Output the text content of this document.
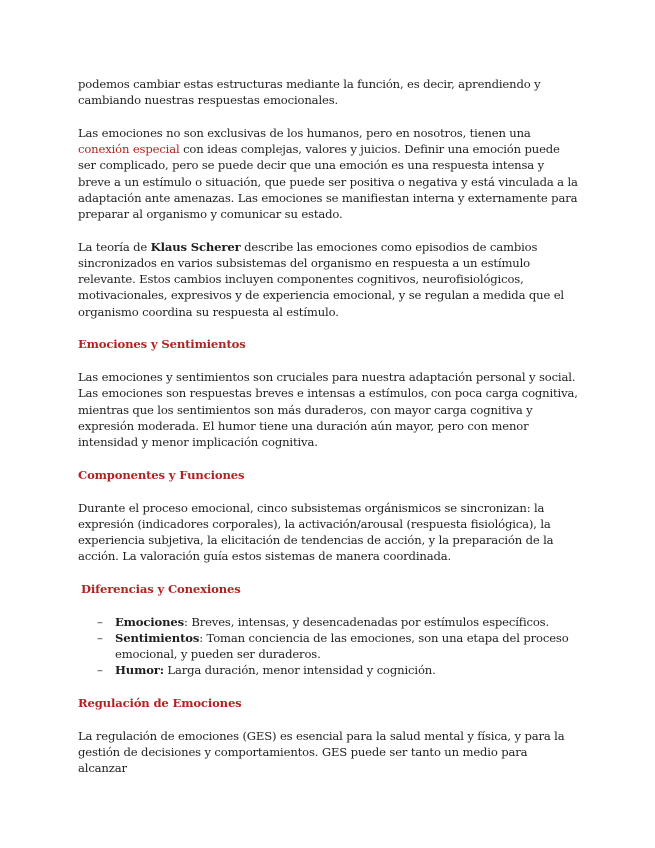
podemos cambiar estas estructuras mediante la función, es decir, aprendiendo y cambiando nuestras respuestas emocionales.

Las emociones no son exclusivas de los humanos, pero en nosotros, tienen una conexión especial con ideas complejas, valores y juicios. Definir una emoción puede ser complicado, pero se puede decir que una emoción es una respuesta intensa y breve a un estímulo o situación, que puede ser positiva o negativa y está vinculada a la adaptación ante amenazas. Las emociones se manifiestan interna y externamente para preparar al organismo y comunicar su estado.

La teoría de Klaus Scherer describe las emociones como episodios de cambios sincronizados en varios subsistemas del organismo en respuesta a un estímulo relevante. Estos cambios incluyen componentes cognitivos, neurofisiológicos, motivacionales, expresivos y de experiencia emocional, y se regulan a medida que el organismo coordina su respuesta al estímulo.

Emociones y Sentimientos

Las emociones y sentimientos son cruciales para nuestra adaptación personal y social. Las emociones son respuestas breves e intensas a estímulos, con poca carga cognitiva, mientras que los sentimientos son más duraderos, con mayor carga cognitiva y expresión moderada. El humor tiene una duración aún mayor, pero con menor intensidad y menor implicación cognitiva.

Componentes y Funciones

Durante el proceso emocional, cinco subsistemas orgánismicos se sincronizan: la expresión (indicadores corporales), la activación/arousal (respuesta fisiológica), la experiencia subjetiva, la elicitación de tendencias de acción, y la preparación de la acción. La valoración guía estos sistemas de manera coordinada.

Diferencias y Conexiones
– Emociones: Breves, intensas, y desencadenadas por estímulos específicos.
– Sentimientos: Toman conciencia de las emociones, son una etapa del proceso emocional, y pueden ser duraderos.
– Humor: Larga duración, menor intensidad y cognición.
Regulación de Emociones

La regulación de emociones (GES) es esencial para la salud mental y física, y para la gestión de decisiones y comportamientos. GES puede ser tanto un medio para alcanzar
